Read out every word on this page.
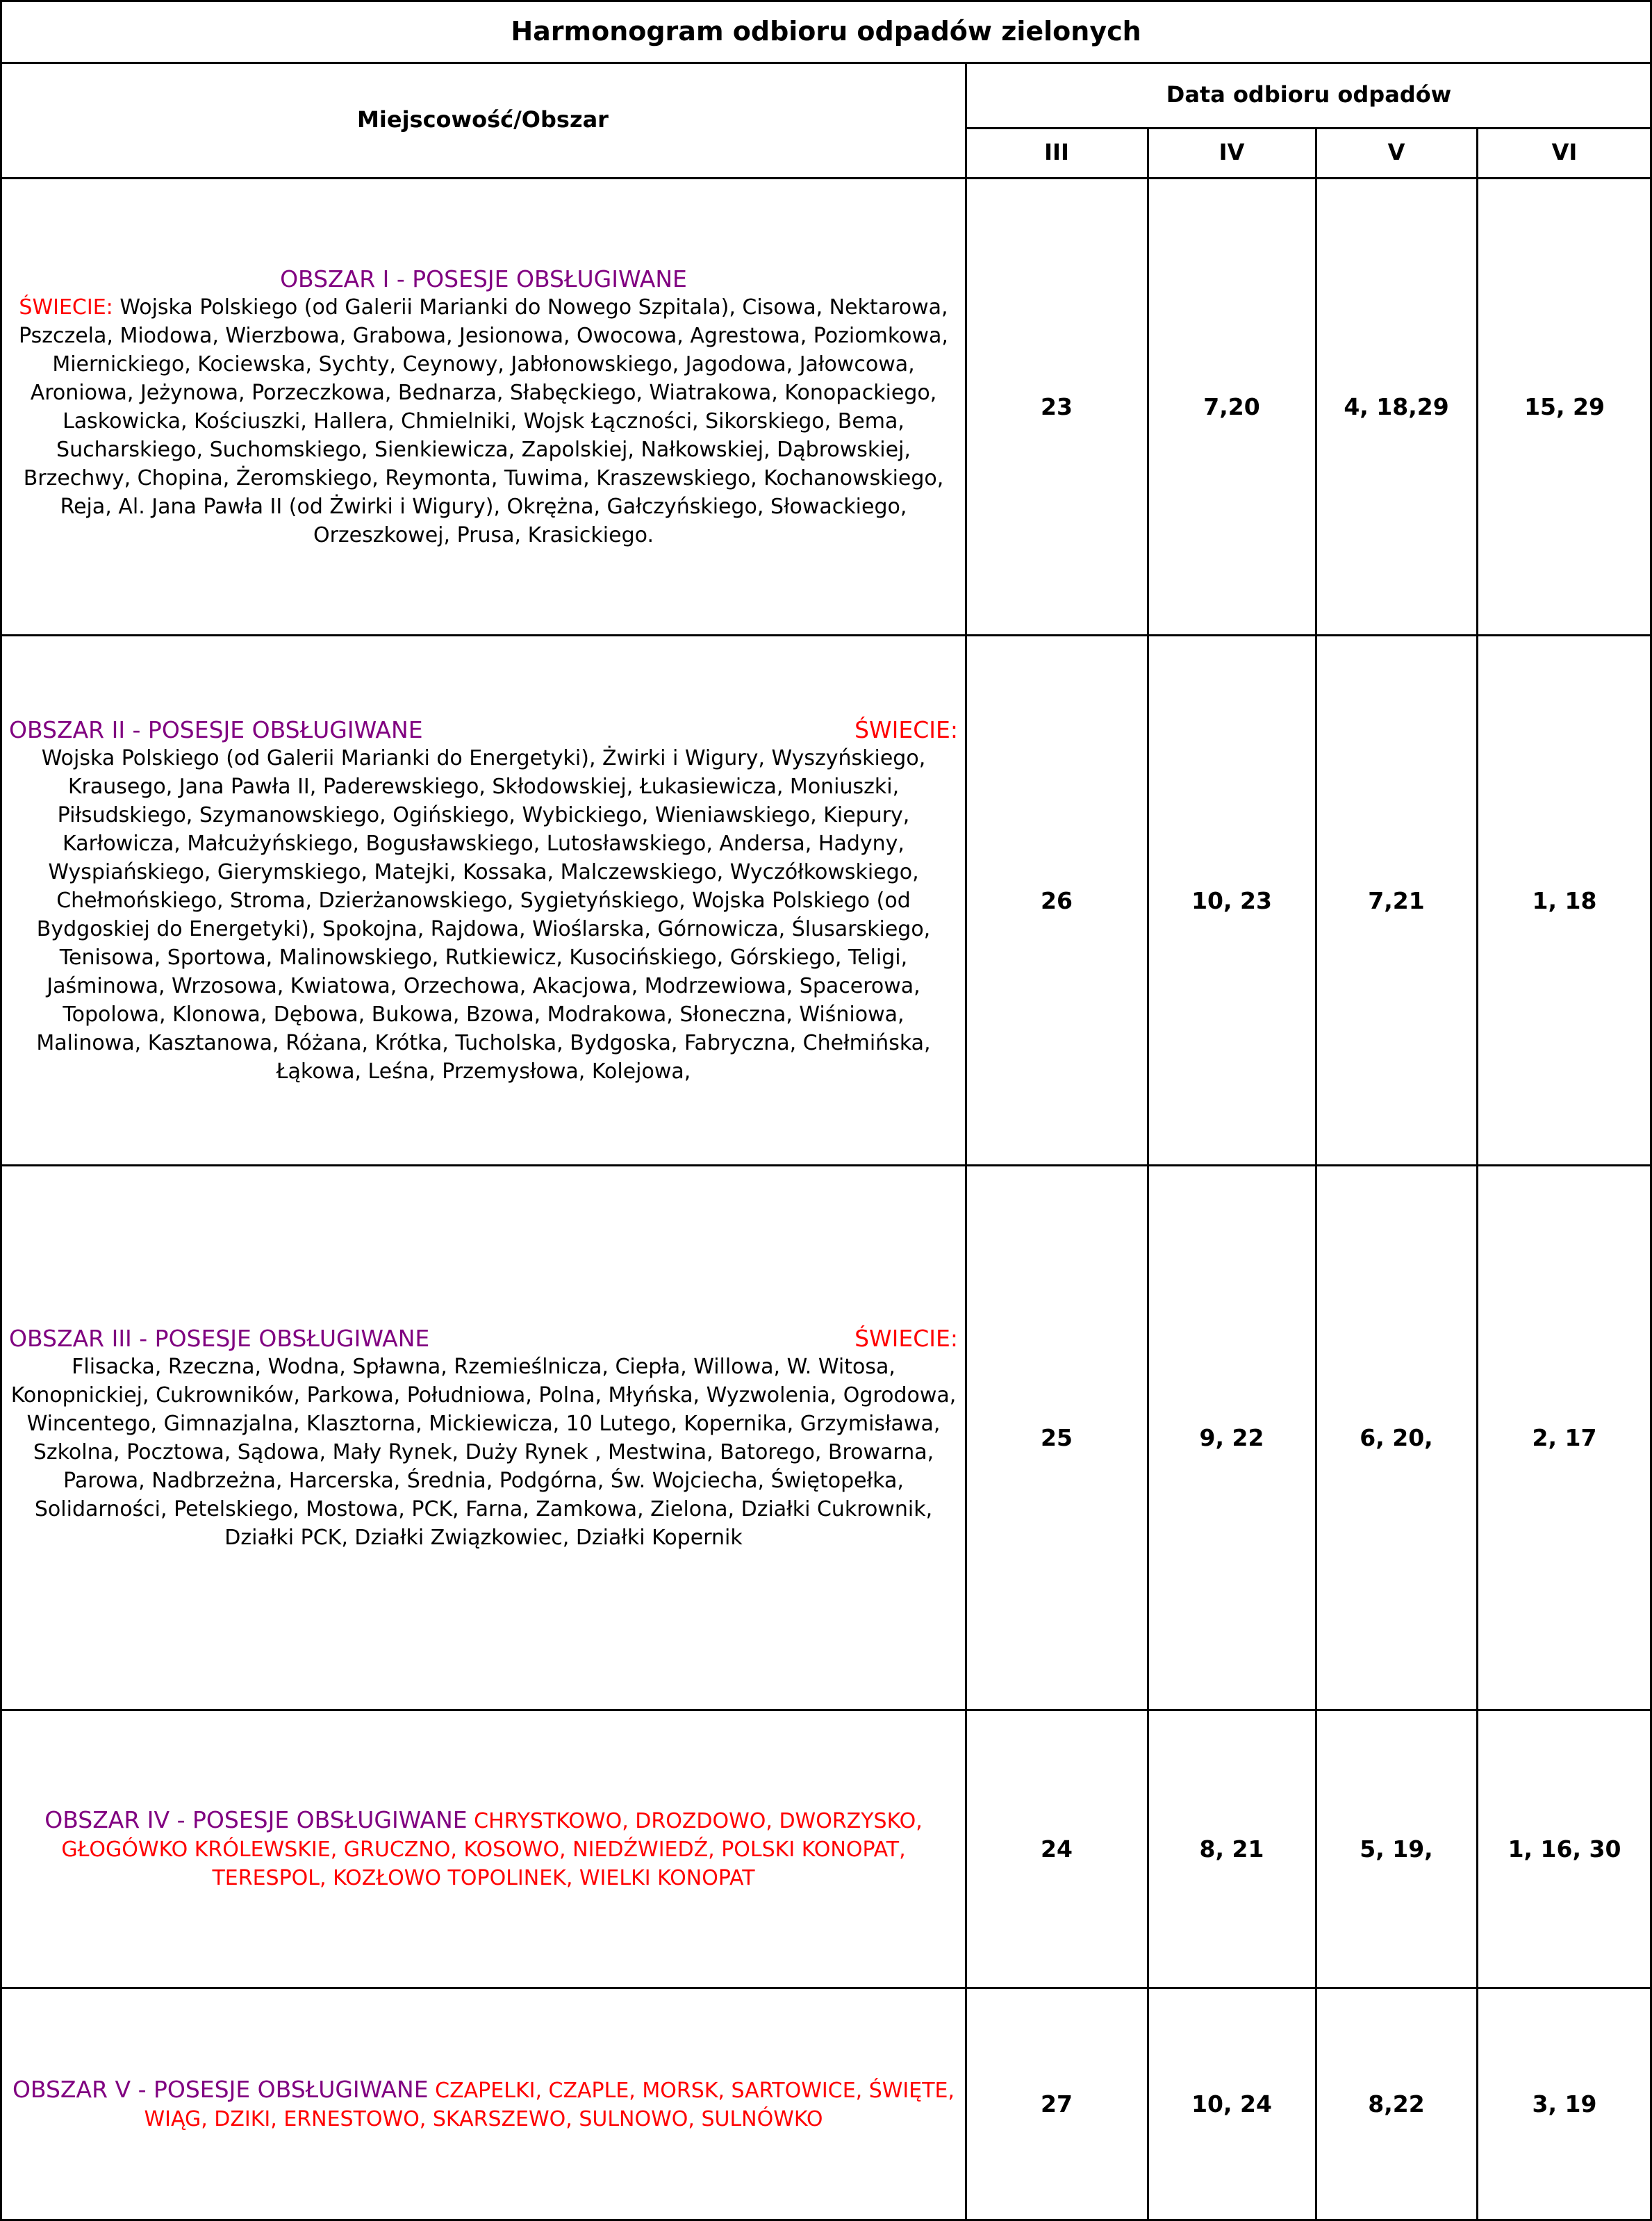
Harmonogram odbioru odpadów zielonych
Miejscowość/Obszar
Data odbioru odpadów
III	IV	V	VI
OBSZAR I - POSESJE OBSŁUGIWANE
ŚWIECIE: Wojska Polskiego (od Galerii Marianki do Nowego Szpitala), Cisowa, Nektarowa, Pszczela, Miodowa, Wierzbowa, Grabowa, Jesionowa, Owocowa, Agrestowa, Poziomkowa, Miernickiego, Kociewska, Sychty, Ceynowy, Jabłonowskiego, Jagodowa, Jałowcowa, Aroniowa, Jeżynowa, Porzeczkowa, Bednarza, Słabęckiego, Wiatrakowa, Konopackiego, Laskowicka, Kościuszki, Hallera, Chmielniki, Wojsk Łączności, Sikorskiego, Bema, Sucharskiego, Suchomskiego, Sienkiewicza, Zapolskiej, Nałkowskiej, Dąbrowskiej, Brzechwy, Chopina, Żeromskiego, Reymonta, Tuwima, Kraszewskiego, Kochanowskiego, Reja, Al. Jana Pawła II (od Żwirki i Wigury), Okrężna, Gałczyńskiego, Słowackiego, Orzeszkowej, Prusa, Krasickiego.
23	7,20	4, 18,29	15, 29
OBSZAR II - POSESJE OBSŁUGIWANE	ŚWIECIE:
Wojska Polskiego (od Galerii Marianki do Energetyki), Żwirki i Wigury, Wyszyńskiego, Krausego, Jana Pawła II, Paderewskiego, Skłodowskiej, Łukasiewicza, Moniuszki, Piłsudskiego, Szymanowskiego, Ogińskiego, Wybickiego, Wieniawskiego, Kiepury, Karłowicza, Małcużyńskiego, Bogusławskiego, Lutosławskiego, Andersa, Hadyny, Wyspiańskiego, Gierymskiego, Matejki, Kossaka, Malczewskiego, Wyczółkowskiego, Chełmońskiego, Stroma, Dzierżanowskiego, Sygietyńskiego, Wojska Polskiego (od Bydgoskiej do Energetyki), Spokojna, Rajdowa, Wioślarska, Górnowicza, Ślusarskiego, Tenisowa, Sportowa, Malinowskiego, Rutkiewicz, Kusocińskiego, Górskiego, Teligi, Jaśminowa, Wrzosowa, Kwiatowa, Orzechowa, Akacjowa, Modrzewiowa, Spacerowa, Topolowa, Klonowa, Dębowa, Bukowa, Bzowa, Modrakowa, Słoneczna, Wiśniowa, Malinowa, Kasztanowa, Różana, Krótka, Tucholska, Bydgoska, Fabryczna, Chełmińska, Łąkowa, Leśna, Przemysłowa, Kolejowa,
26	10, 23	7,21	1, 18
OBSZAR III - POSESJE OBSŁUGIWANE	ŚWIECIE:
Flisacka, Rzeczna, Wodna, Spławna, Rzemieślnicza, Ciepła, Willowa, W. Witosa, Konopnickiej, Cukrowników, Parkowa, Południowa, Polna, Młyńska, Wyzwolenia, Ogrodowa, Wincentego, Gimnazjalna, Klasztorna, Mickiewicza, 10 Lutego, Kopernika, Grzymisława, Szkolna, Pocztowa, Sądowa, Mały Rynek, Duży Rynek , Mestwina, Batorego, Browarna, Parowa, Nadbrzeżna, Harcerska, Średnia, Podgórna, Św. Wojciecha, Świętopełka, Solidarności, Petelskiego, Mostowa, PCK, Farna, Zamkowa, Zielona, Działki Cukrownik, Działki PCK, Działki Związkowiec, Działki Kopernik
25	9, 22	6, 20,	2, 17
OBSZAR IV - POSESJE OBSŁUGIWANE CHRYSTKOWO, DROZDOWO, DWORZYSKO, GŁOGÓWKO KRÓLEWSKIE, GRUCZNO, KOSOWO, NIEDŹWIEDŹ, POLSKI KONOPAT, TERESPOL, KOZŁOWO TOPOLINEK, WIELKI KONOPAT
24	8, 21	5, 19,	1, 16, 30
OBSZAR V - POSESJE OBSŁUGIWANE CZAPELKI, CZAPLE, MORSK, SARTOWICE, ŚWIĘTE, WIĄG, DZIKI, ERNESTOWO, SKARSZEWO, SULNOWO, SULNÓWKO
27	10, 24	8,22	3, 19
